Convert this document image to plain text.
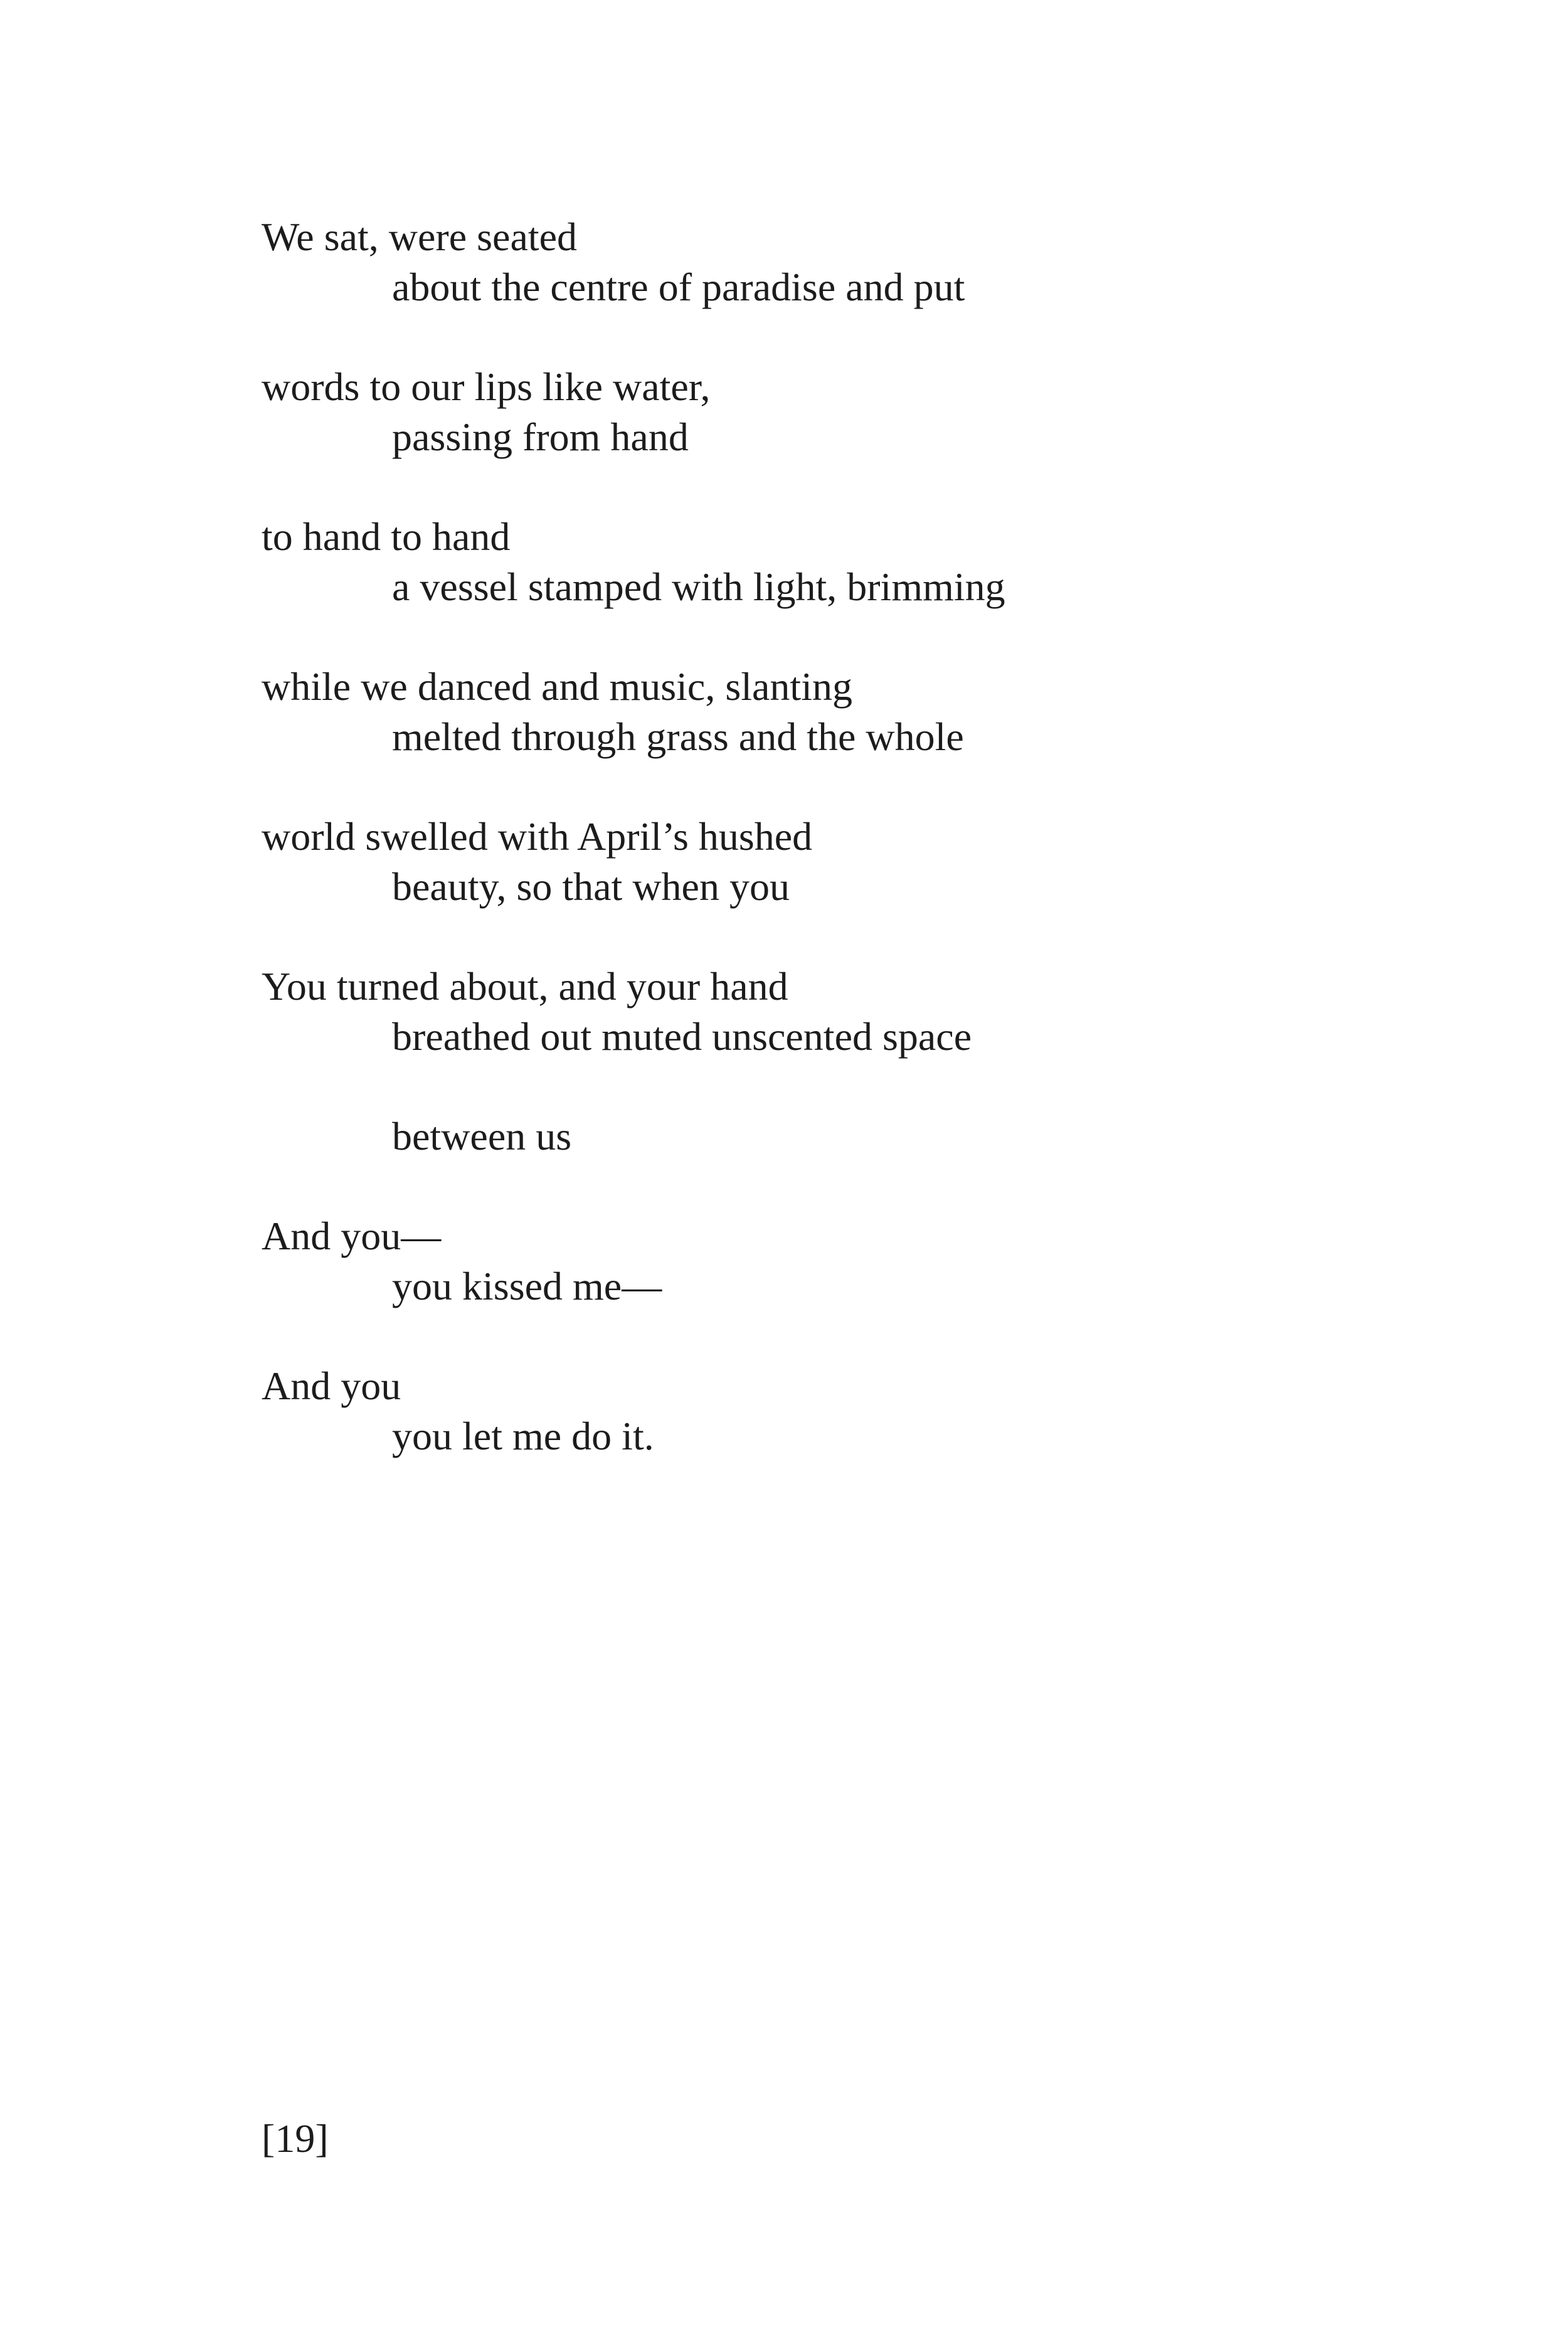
We sat, were seated
about the centre of paradise and put
words to our lips like water,
passing from hand
to hand to hand
a vessel stamped with light, brimming
while we danced and music, slanting
melted through grass and the whole
world swelled with April’s hushed
beauty, so that when you
You turned about, and your hand
breathed out muted unscented space
between us
And you—
you kissed me—
And you
you let me do it.
[19]
